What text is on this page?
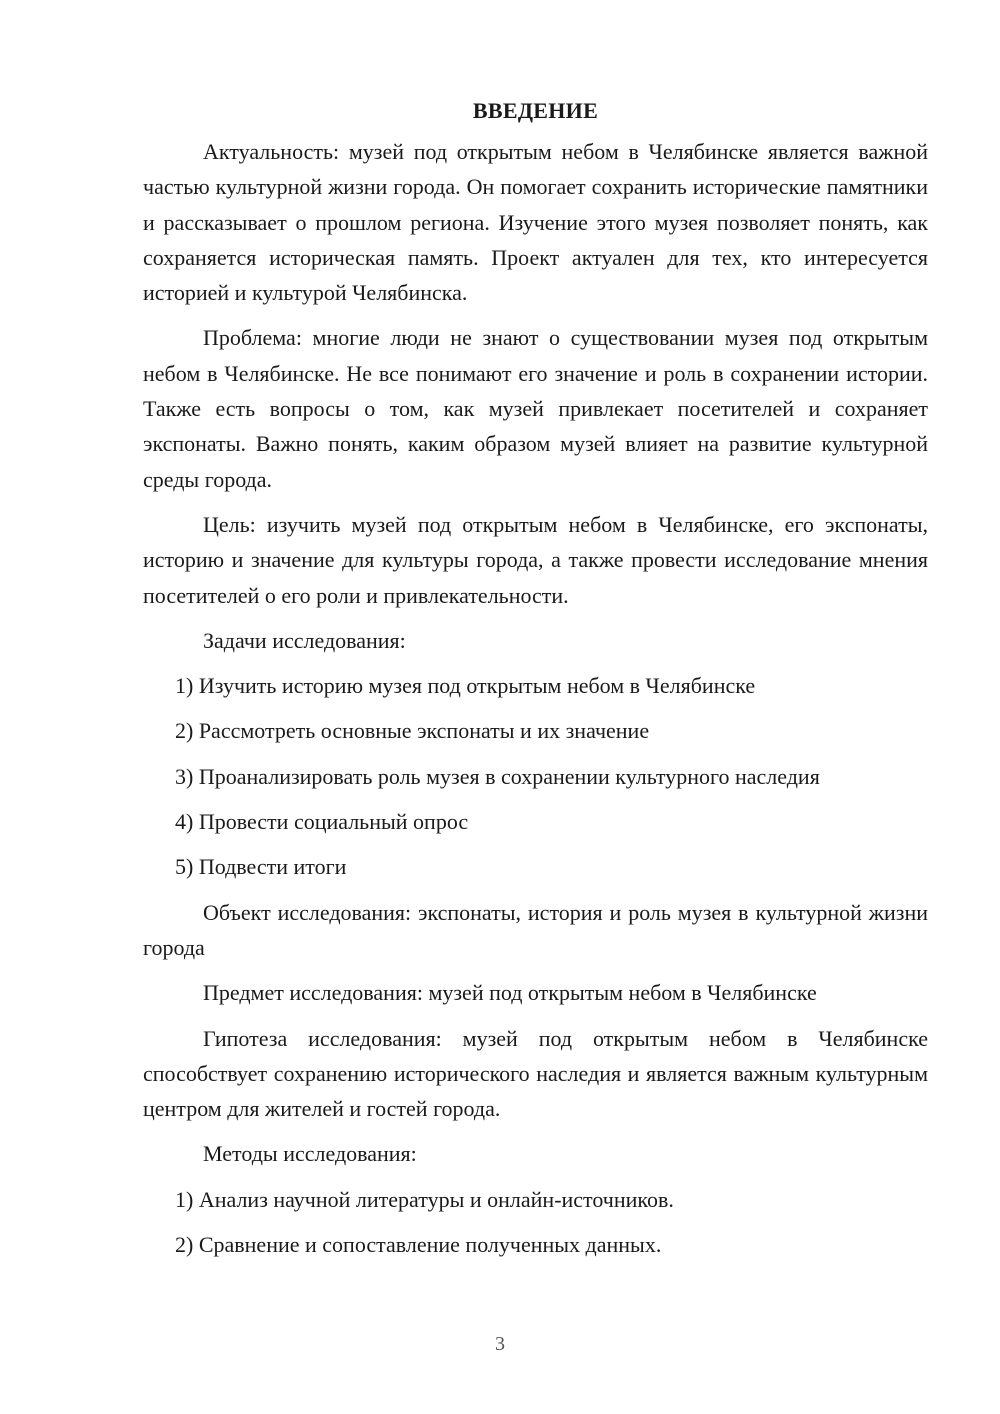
ВВЕДЕНИЕ

Актуальность: музей под открытым небом в Челябинске является важной частью культурной жизни города. Он помогает сохранить исторические памятники и рассказывает о прошлом региона. Изучение этого музея позволяет понять, как сохраняется историческая память. Проект актуален для тех, кто интересуется историей и культурой Челябинска.

Проблема: многие люди не знают о существовании музея под открытым небом в Челябинске. Не все понимают его значение и роль в сохранении истории. Также есть вопросы о том, как музей привлекает посетителей и сохраняет экспонаты. Важно понять, каким образом музей влияет на развитие культурной среды города.

Цель: изучить музей под открытым небом в Челябинске, его экспонаты, историю и значение для культуры города, а также провести исследование мнения посетителей о его роли и привлекательности.

Задачи исследования:

1) Изучить историю музея под открытым небом в Челябинске

2) Рассмотреть основные экспонаты и их значение

3) Проанализировать роль музея в сохранении культурного наследия

4) Провести социальный опрос

5) Подвести итоги

Объект исследования: экспонаты, история и роль музея в культурной жизни города

Предмет исследования: музей под открытым небом в Челябинске

Гипотеза исследования: музей под открытым небом в Челябинске способствует сохранению исторического наследия и является важным культурным центром для жителей и гостей города.

Методы исследования:

1) Анализ научной литературы и онлайн-источников.

2) Сравнение и сопоставление полученных данных.

3
